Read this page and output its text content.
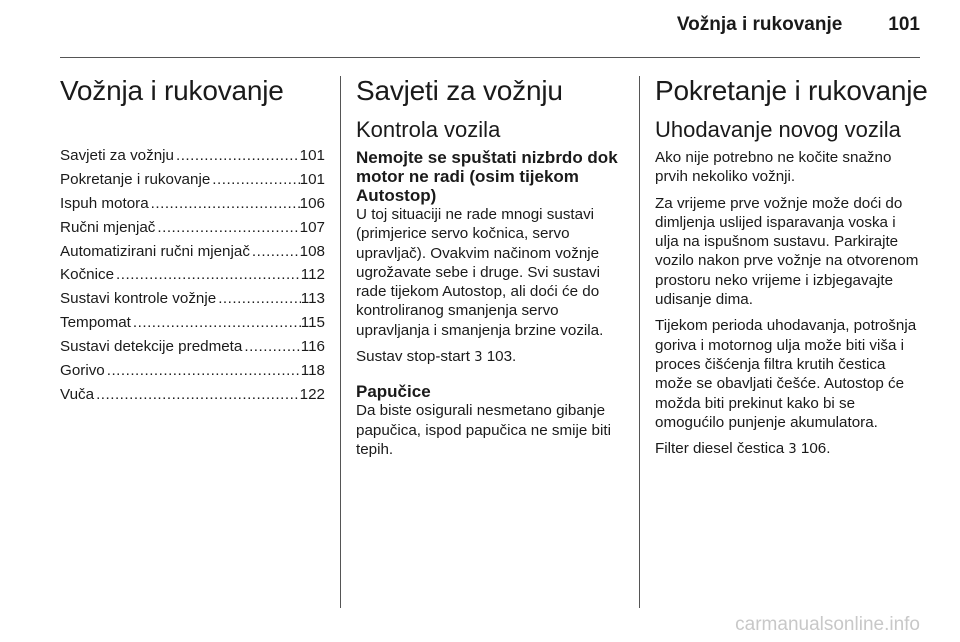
Vožnja i rukovanje 101
Vožnja i rukovanje
Savjeti za vožnju .....	101
Pokretanje i rukovanje .....	101
Ispuh motora .....	106
Ručni mjenjač .....	107
Automatizirani ručni mjenjač .....	108
Kočnice .....	112
Sustavi kontrole vožnje .....	113
Tempomat .....	115
Sustavi detekcije predmeta .....	116
Gorivo .....	118
Vuča .....	122
Savjeti za vožnju
Kontrola vozila
Nemojte se spuštati nizbrdo dok motor ne radi (osim tijekom Autostop)

U toj situaciji ne rade mnogi sustavi (primjerice servo kočnica, servo upravljač). Ovakvim načinom vožnje ugrožavate sebe i druge. Svi sustavi rade tijekom Autostop, ali doći će do kontroliranog smanjenja servo upravljanja i smanjenja brzine vozila.

Sustav stop-start 3 103.

Papučice

Da biste osigurali nesmetano gibanje papučica, ispod papučica ne smije biti tepih.

Pokretanje i rukovanje
Uhodavanje novog vozila

Ako nije potrebno ne kočite snažno prvih nekoliko vožnji.

Za vrijeme prve vožnje može doći do dimljenja uslijed isparavanja voska i ulja na ispušnom sustavu. Parkirajte vozilo nakon prve vožnje na otvorenom prostoru neko vrijeme i izbjegavajte udisanje dima.

Tijekom perioda uhodavanja, potrošnja goriva i motornog ulja može biti viša i proces čišćenja filtra krutih čestica može se obavljati češće. Autostop će možda biti prekinut kako bi se omogućilo punjenje akumulatora.

Filter diesel čestica 3 106.

carmanualsonline.info
